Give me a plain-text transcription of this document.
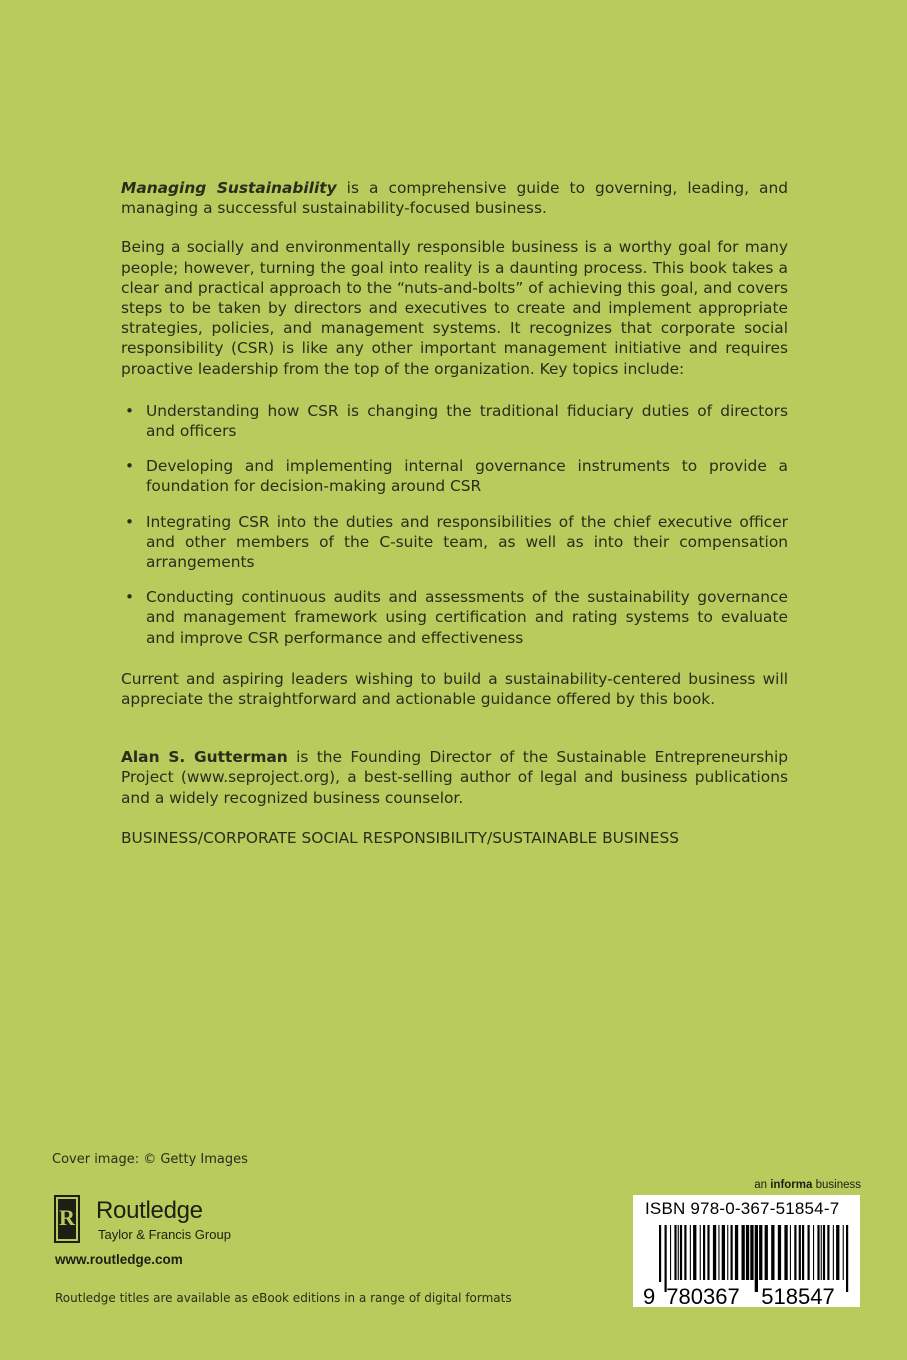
Managing Sustainability is a comprehensive guide to governing, leading, and managing a successful sustainability-focused business.

Being a socially and environmentally responsible business is a worthy goal for many people; however, turning the goal into reality is a daunting process. This book takes a clear and practical approach to the “nuts-and-bolts” of achieving this goal, and covers steps to be taken by directors and executives to create and implement appropriate strategies, policies, and management systems. It recognizes that corporate social responsibility (CSR) is like any other important management initiative and requires proactive leadership from the top of the organization. Key topics include:

• Understanding how CSR is changing the traditional fiduciary duties of directors and officers
• Developing and implementing internal governance instruments to provide a foundation for decision-making around CSR
• Integrating CSR into the duties and responsibilities of the chief executive officer and other members of the C-suite team, as well as into their compensation arrangements
• Conducting continuous audits and assessments of the sustainability governance and management framework using certification and rating systems to evaluate and improve CSR performance and effectiveness

Current and aspiring leaders wishing to build a sustainability-centered business will appreciate the straightforward and actionable guidance offered by this book.

Alan S. Gutterman is the Founding Director of the Sustainable Entrepreneurship Project (www.seproject.org), a best-selling author of legal and business publications and a widely recognized business counselor.

BUSINESS/CORPORATE SOCIAL RESPONSIBILITY/SUSTAINABLE BUSINESS

Cover image: © Getty Images
R Routledge
Taylor & Francis Group
www.routledge.com
Routledge titles are available as eBook editions in a range of digital formats
an informa business
ISBN 978-0-367-51854-7
9 780367 518547
